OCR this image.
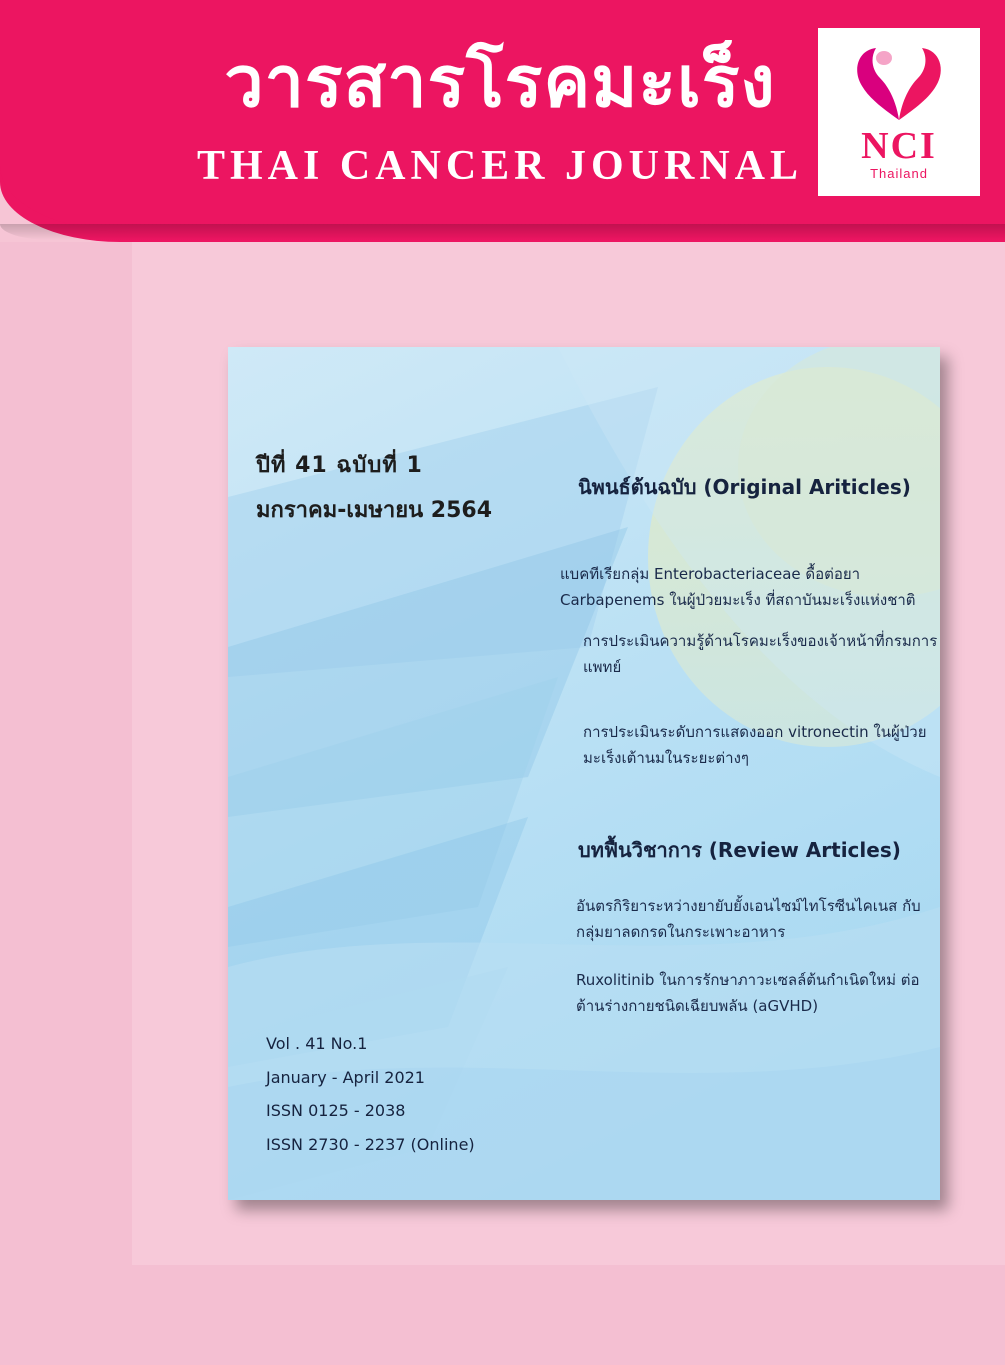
วารสารโรคมะเร็ง
THAI CANCER JOURNAL	NCI
Thailand
ปีที่ 41 ฉบับที่ 1
มกราคม-เมษายน 2564
นิพนธ์ต้นฉบับ (Original Ariticles)
แบคทีเรียกลุ่ม Enterobacteriaceae ดื้อต่อยา Carbapenems ในผู้ป่วยมะเร็ง ที่สถาบันมะเร็งแห่งชาติ
การประเมินความรู้ด้านโรคมะเร็งของเจ้าหน้าที่กรมการแพทย์
การประเมินระดับการแสดงออก vitronectin ในผู้ป่วยมะเร็งเต้านมในระยะต่างๆ
บทฟื้นวิชาการ (Review Articles)
อันตรกิริยาระหว่างยายับยั้งเอนไซม์ไทโรซีนไคเนส กับกลุ่มยาลดกรดในกระเพาะอาหาร
Ruxolitinib ในการรักษาภาวะเซลล์ต้นกำเนิดใหม่ ต่อต้านร่างกายชนิดเฉียบพลัน (aGVHD)
Vol . 41 No.1
January - April 2021
ISSN 0125 - 2038
ISSN 2730 - 2237 (Online)
